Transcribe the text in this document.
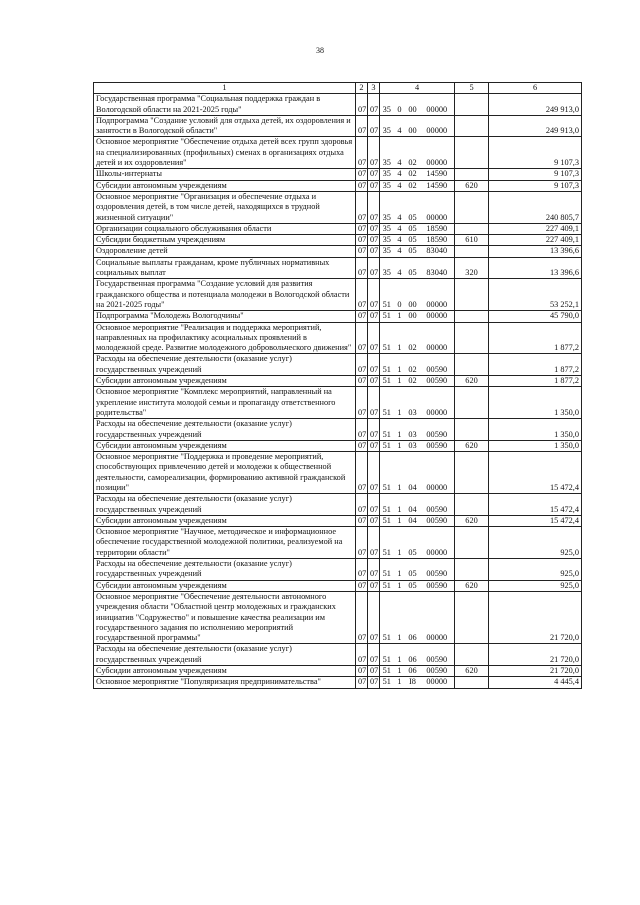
38
1	2	3	4				5	6
Государственная программа "Социальная поддержка граждан в Вологодской области на 2021-2025 годы"	07	07	35	0	00	00000		249 913,0
Подпрограмма "Создание условий для отдыха детей, их оздоровления и занятости в Вологодской области"	07	07	35	4	00	00000		249 913,0
Основное мероприятие "Обеспечение отдыха детей всех групп здоровья на специализированных (профильных) сменах в организациях отдыха детей и их оздоровления"	07	07	35	4	02	00000		9 107,3
Школы-интернаты	07	07	35	4	02	14590		9 107,3
Субсидии автономным учреждениям	07	07	35	4	02	14590	620	9 107,3
Основное мероприятие "Организация и обеспечение отдыха и оздоровления детей, в том числе детей, находящихся в трудной жизненной ситуации"	07	07	35	4	05	00000		240 805,7
Организации социального обслуживания области	07	07	35	4	05	18590		227 409,1
Субсидии бюджетным учреждениям	07	07	35	4	05	18590	610	227 409,1
Оздоровление детей	07	07	35	4	05	83040		13 396,6
Социальные выплаты гражданам, кроме публичных нормативных социальных выплат	07	07	35	4	05	83040	320	13 396,6
Государственная программа "Создание условий для развития гражданского общества и потенциала молодежи в Вологодской области на 2021-2025 годы"	07	07	51	0	00	00000		53 252,1
Подпрограмма "Молодежь Вологодчины"	07	07	51	1	00	00000		45 790,0
Основное мероприятие "Реализация и поддержка мероприятий, направленных на профилактику асоциальных проявлений в молодежной среде. Развитие молодежного добровольческого движения"	07	07	51	1	02	00000		1 877,2
Расходы на обеспечение деятельности (оказание услуг) государственных учреждений	07	07	51	1	02	00590		1 877,2
Субсидии автономным учреждениям	07	07	51	1	02	00590	620	1 877,2
Основное мероприятие "Комплекс мероприятий, направленный на укрепление института молодой семьи и пропаганду ответственного родительства"	07	07	51	1	03	00000		1 350,0
Расходы на обеспечение деятельности (оказание услуг) государственных учреждений	07	07	51	1	03	00590		1 350,0
Субсидии автономным учреждениям	07	07	51	1	03	00590	620	1 350,0
Основное мероприятие "Поддержка и проведение мероприятий, способствующих привлечению детей и молодежи к общественной деятельности, самореализации, формированию активной гражданской позиции"	07	07	51	1	04	00000		15 472,4
Расходы на обеспечение деятельности (оказание услуг) государственных учреждений	07	07	51	1	04	00590		15 472,4
Субсидии автономным учреждениям	07	07	51	1	04	00590	620	15 472,4
Основное мероприятие "Научное, методическое и информационное обеспечение государственной молодежной политики, реализуемой на территории области"	07	07	51	1	05	00000		925,0
Расходы на обеспечение деятельности (оказание услуг) государственных учреждений	07	07	51	1	05	00590		925,0
Субсидии автономным учреждениям	07	07	51	1	05	00590	620	925,0
Основное мероприятие "Обеспечение деятельности автономного учреждения области "Областной центр молодежных и гражданских инициатив "Содружество" и повышение качества реализации им государственного задания по исполнению мероприятий государственной программы"	07	07	51	1	06	00000		21 720,0
Расходы на обеспечение деятельности (оказание услуг) государственных учреждений	07	07	51	1	06	00590		21 720,0
Субсидии автономным учреждениям	07	07	51	1	06	00590	620	21 720,0
Основное мероприятие "Популяризация предпринимательства"	07	07	51	1	I8	00000		4 445,4
